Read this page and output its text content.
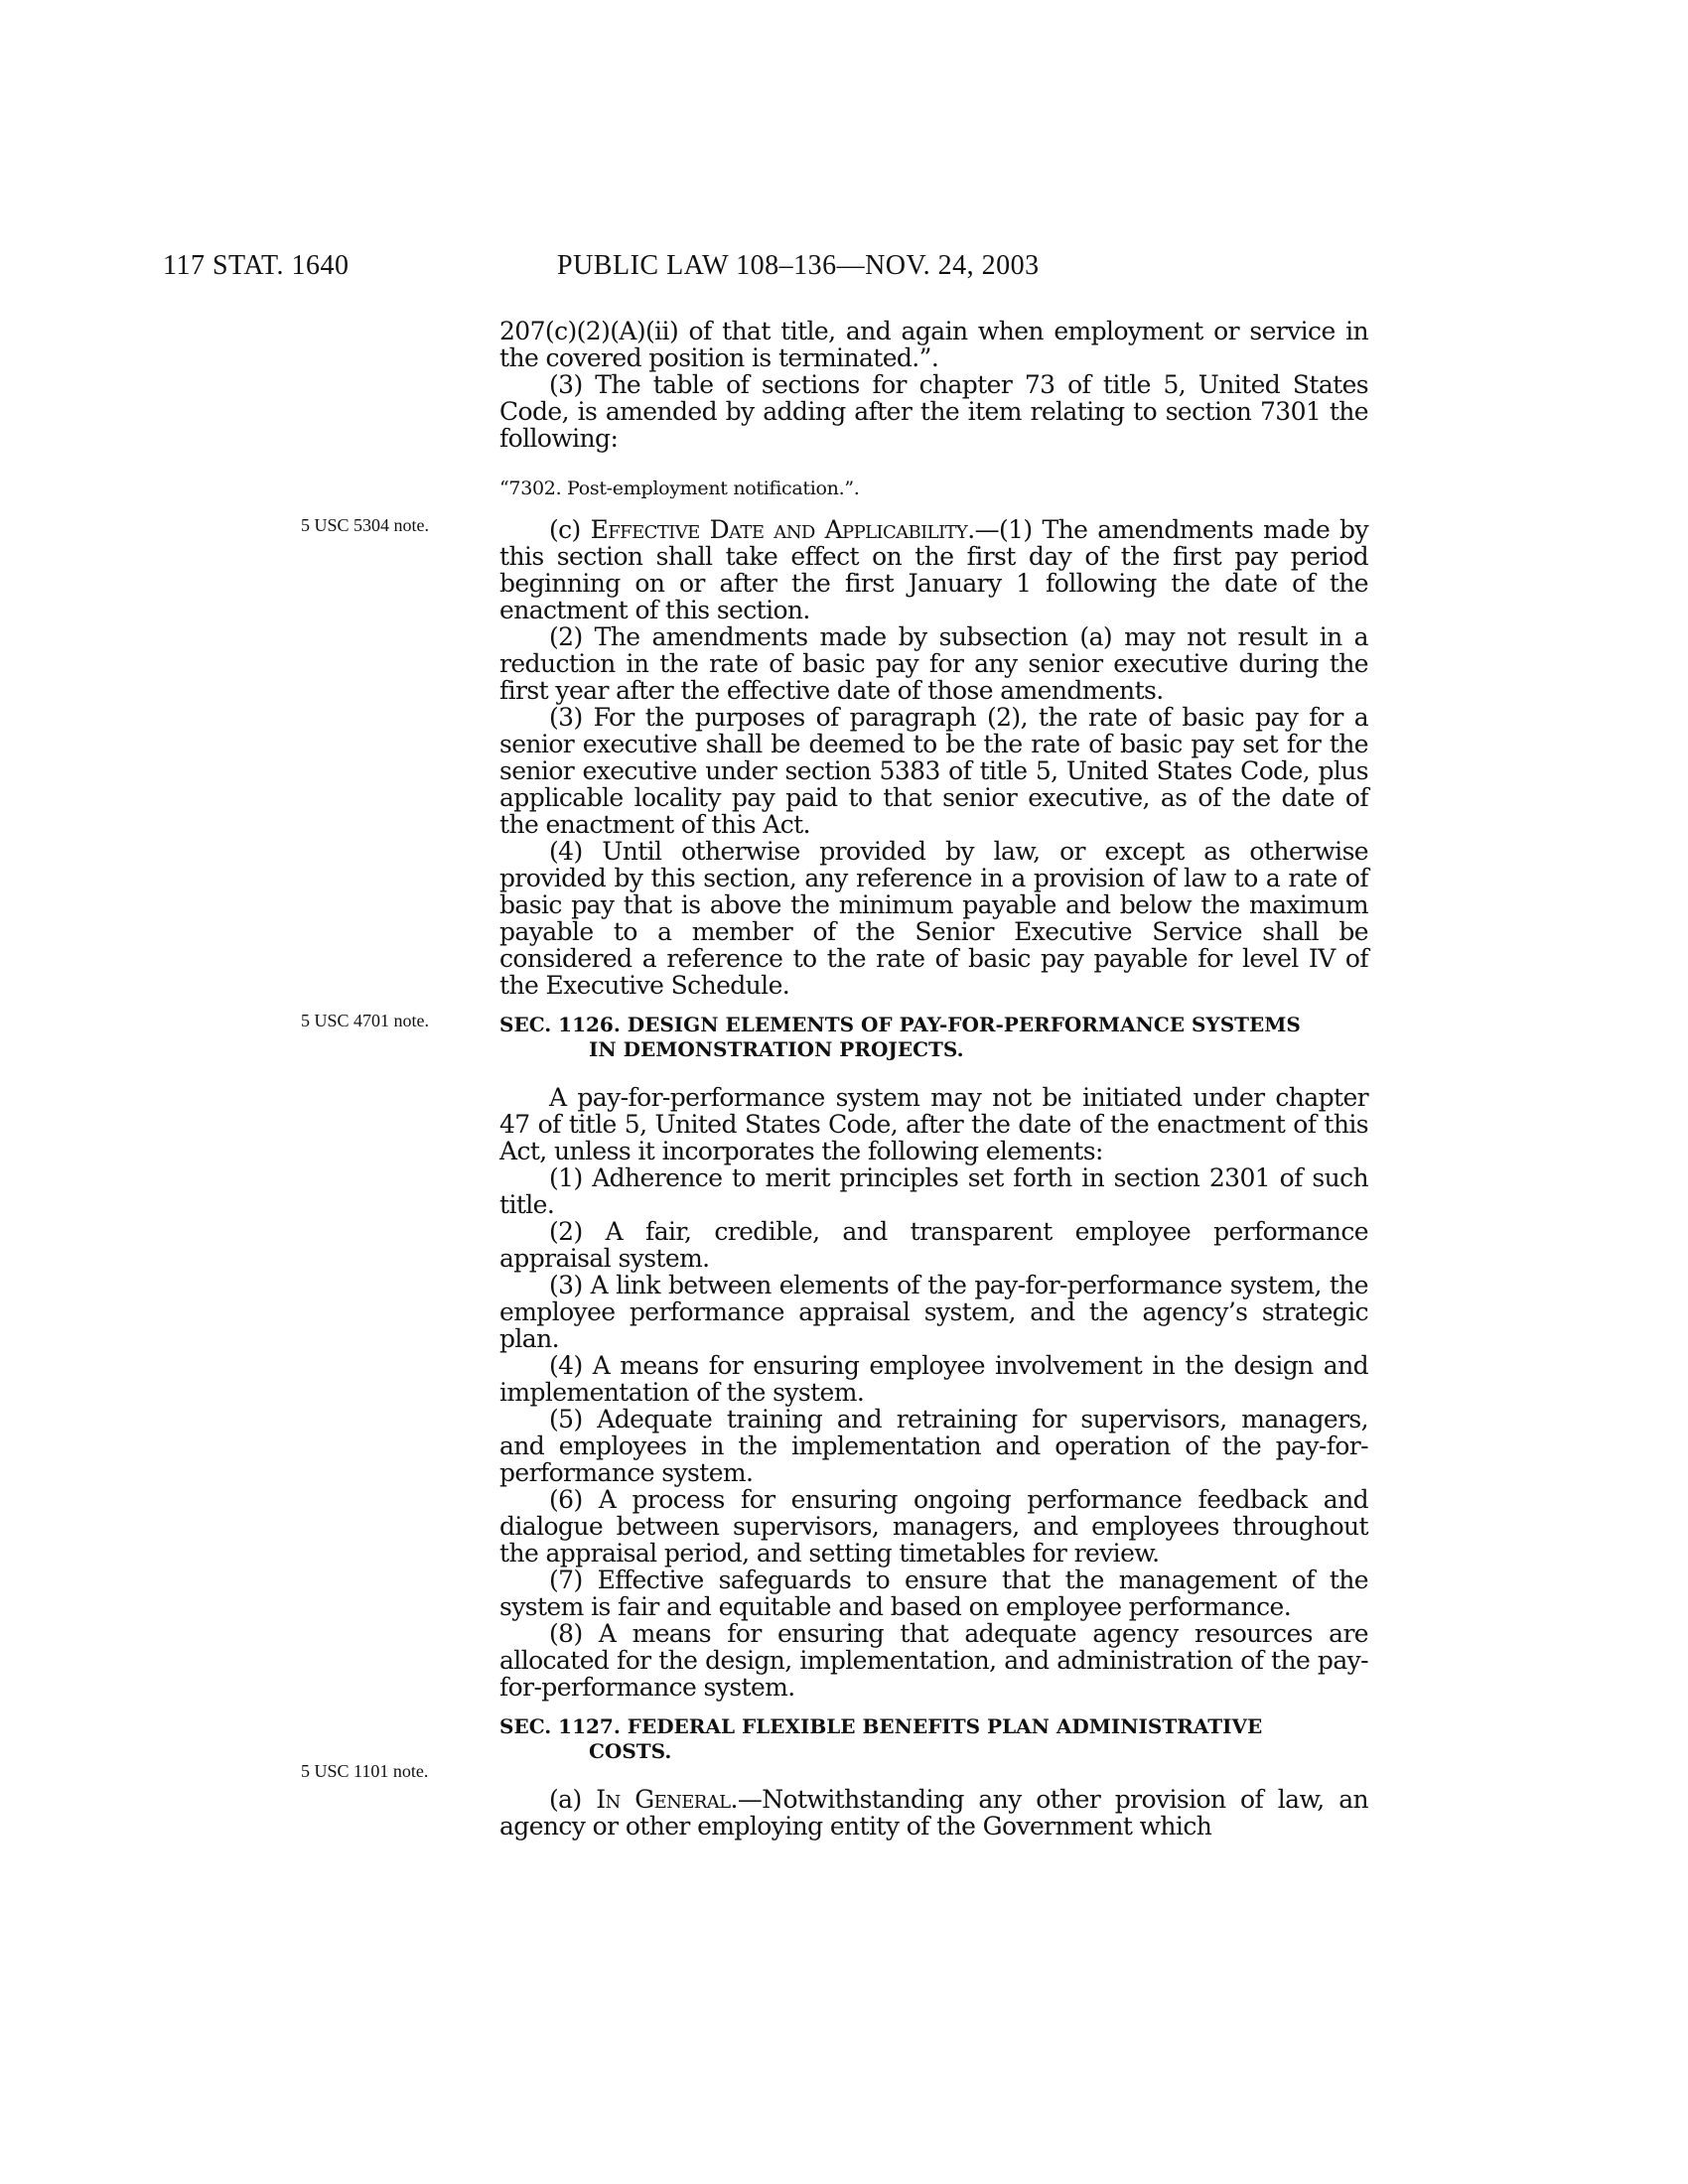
117 STAT. 1640	PUBLIC LAW 108–136—NOV. 24, 2003
5 USC 5304 note.
5 USC 4701 note.
5 USC 1101 note.

207(c)(2)(A)(ii) of that title, and again when employment or service in the covered position is terminated.”.

(3) The table of sections for chapter 73 of title 5, United States Code, is amended by adding after the item relating to section 7301 the following:

“7302. Post-employment notification.”.

(c) Effective Date and Applicability.—(1) The amendments made by this section shall take effect on the first day of the first pay period beginning on or after the first January 1 following the date of the enactment of this section.

(2) The amendments made by subsection (a) may not result in a reduction in the rate of basic pay for any senior executive during the first year after the effective date of those amendments.

(3) For the purposes of paragraph (2), the rate of basic pay for a senior executive shall be deemed to be the rate of basic pay set for the senior executive under section 5383 of title 5, United States Code, plus applicable locality pay paid to that senior executive, as of the date of the enactment of this Act.

(4) Until otherwise provided by law, or except as otherwise provided by this section, any reference in a provision of law to a rate of basic pay that is above the minimum payable and below the maximum payable to a member of the Senior Executive Service shall be considered a reference to the rate of basic pay payable for level IV of the Executive Schedule.

SEC. 1126. DESIGN ELEMENTS OF PAY-FOR-PERFORMANCE SYSTEMS
IN DEMONSTRATION PROJECTS.

A pay-for-performance system may not be initiated under chapter 47 of title 5, United States Code, after the date of the enactment of this Act, unless it incorporates the following elements:

(1) Adherence to merit principles set forth in section 2301 of such title.

(2) A fair, credible, and transparent employee performance appraisal system.

(3) A link between elements of the pay-for-performance system, the employee performance appraisal system, and the agency’s strategic plan.

(4) A means for ensuring employee involvement in the design and implementation of the system.

(5) Adequate training and retraining for supervisors, managers, and employees in the implementation and operation of the pay-for-performance system.

(6) A process for ensuring ongoing performance feedback and dialogue between supervisors, managers, and employees throughout the appraisal period, and setting timetables for review.

(7) Effective safeguards to ensure that the management of the system is fair and equitable and based on employee performance.

(8) A means for ensuring that adequate agency resources are allocated for the design, implementation, and administration of the pay-for-performance system.

SEC. 1127. FEDERAL FLEXIBLE BENEFITS PLAN ADMINISTRATIVE
COSTS.

(a) In General.—Notwithstanding any other provision of law, an agency or other employing entity of the Government which
